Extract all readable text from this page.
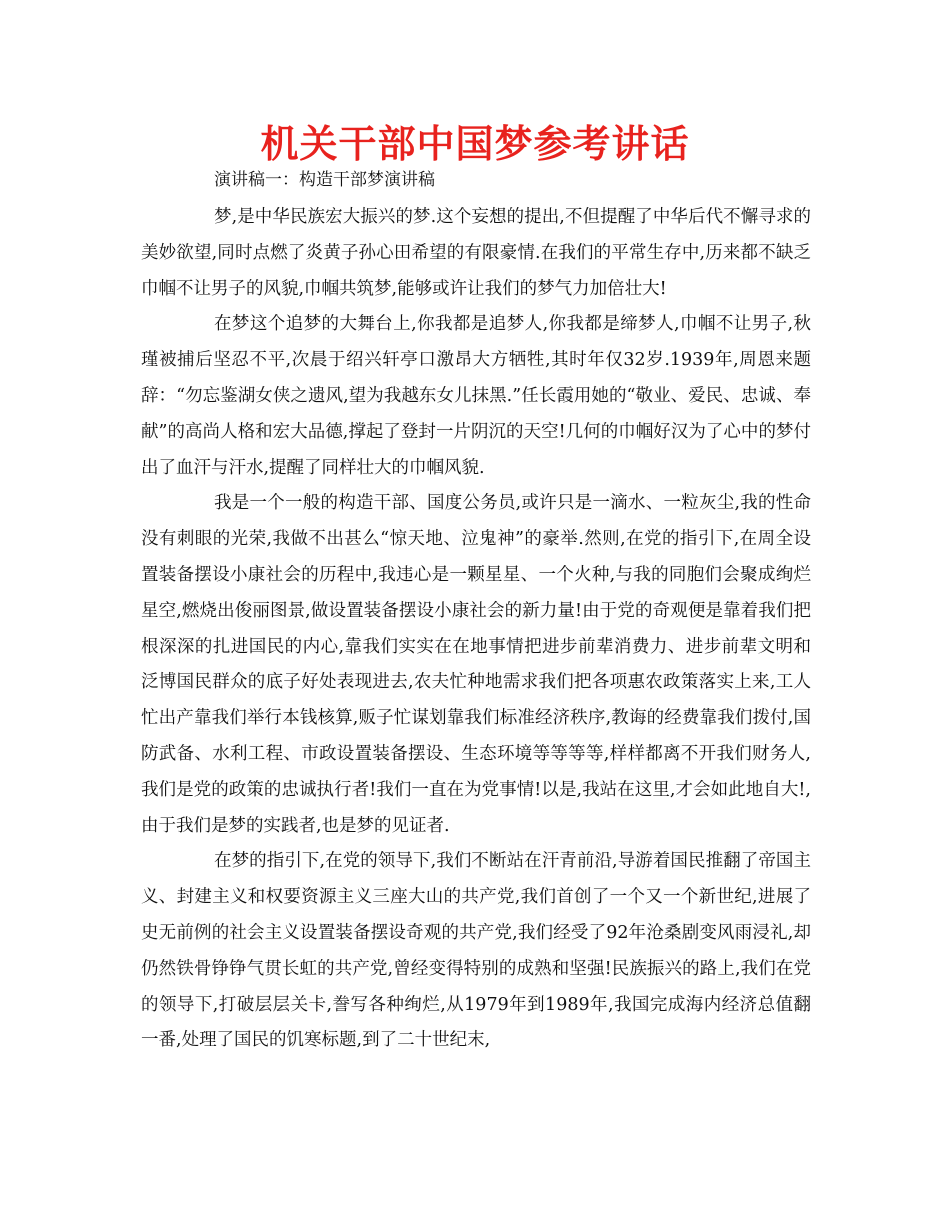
机关干部中国梦参考讲话

演讲稿一：构造干部梦演讲稿

梦,是中华民族宏大振兴的梦.这个妄想的提出,不但提醒了中华后代不懈寻求的美妙欲望,同时点燃了炎黄子孙心田希望的有限豪情.在我们的平常生存中,历来都不缺乏巾帼不让男子的风貌,巾帼共筑梦,能够或许让我们的梦气力加倍壮大!

在梦这个追梦的大舞台上,你我都是追梦人,你我都是缔梦人,巾帼不让男子,秋瑾被捕后坚忍不平,次晨于绍兴轩亭口激昂大方牺牲,其时年仅32岁.1939年,周恩来题辞：“勿忘鉴湖女侠之遗风,望为我越东女儿抹黑.”任长霞用她的“敬业、爱民、忠诚、奉献”的高尚人格和宏大品德,撑起了登封一片阴沉的天空!几何的巾帼好汉为了心中的梦付出了血汗与汗水,提醒了同样壮大的巾帼风貌.

我是一个一般的构造干部、国度公务员,或许只是一滴水、一粒灰尘,我的性命没有刺眼的光荣,我做不出甚么“惊天地、泣鬼神”的豪举.然则,在党的指引下,在周全设置装备摆设小康社会的历程中,我违心是一颗星星、一个火种,与我的同胞们会聚成绚烂星空,燃烧出俊丽图景,做设置装备摆设小康社会的新力量!由于党的奇观便是靠着我们把根深深的扎进国民的内心,靠我们实实在在地事情把进步前辈消费力、进步前辈文明和泛博国民群众的底子好处表现进去,农夫忙种地需求我们把各项惠农政策落实上来,工人忙出产靠我们举行本钱核算,贩子忙谋划靠我们标准经济秩序,教诲的经费靠我们拨付,国防武备、水利工程、市政设置装备摆设、生态环境等等等等,样样都离不开我们财务人,我们是党的政策的忠诚执行者!我们一直在为党事情!以是,我站在这里,才会如此地自大!,由于我们是梦的实践者,也是梦的见证者.

在梦的指引下,在党的领导下,我们不断站在汗青前沿,导游着国民推翻了帝国主义、封建主义和权要资源主义三座大山的共产党,我们首创了一个又一个新世纪,进展了史无前例的社会主义设置装备摆设奇观的共产党,我们经受了92年沧桑剧变风雨浸礼,却仍然铁骨铮铮气贯长虹的共产党,曾经变得特别的成熟和坚强!民族振兴的路上,我们在党的领导下,打破层层关卡,誊写各种绚烂,从1979年到1989年,我国完成海内经济总值翻一番,处理了国民的饥寒标题,到了二十世纪末,
